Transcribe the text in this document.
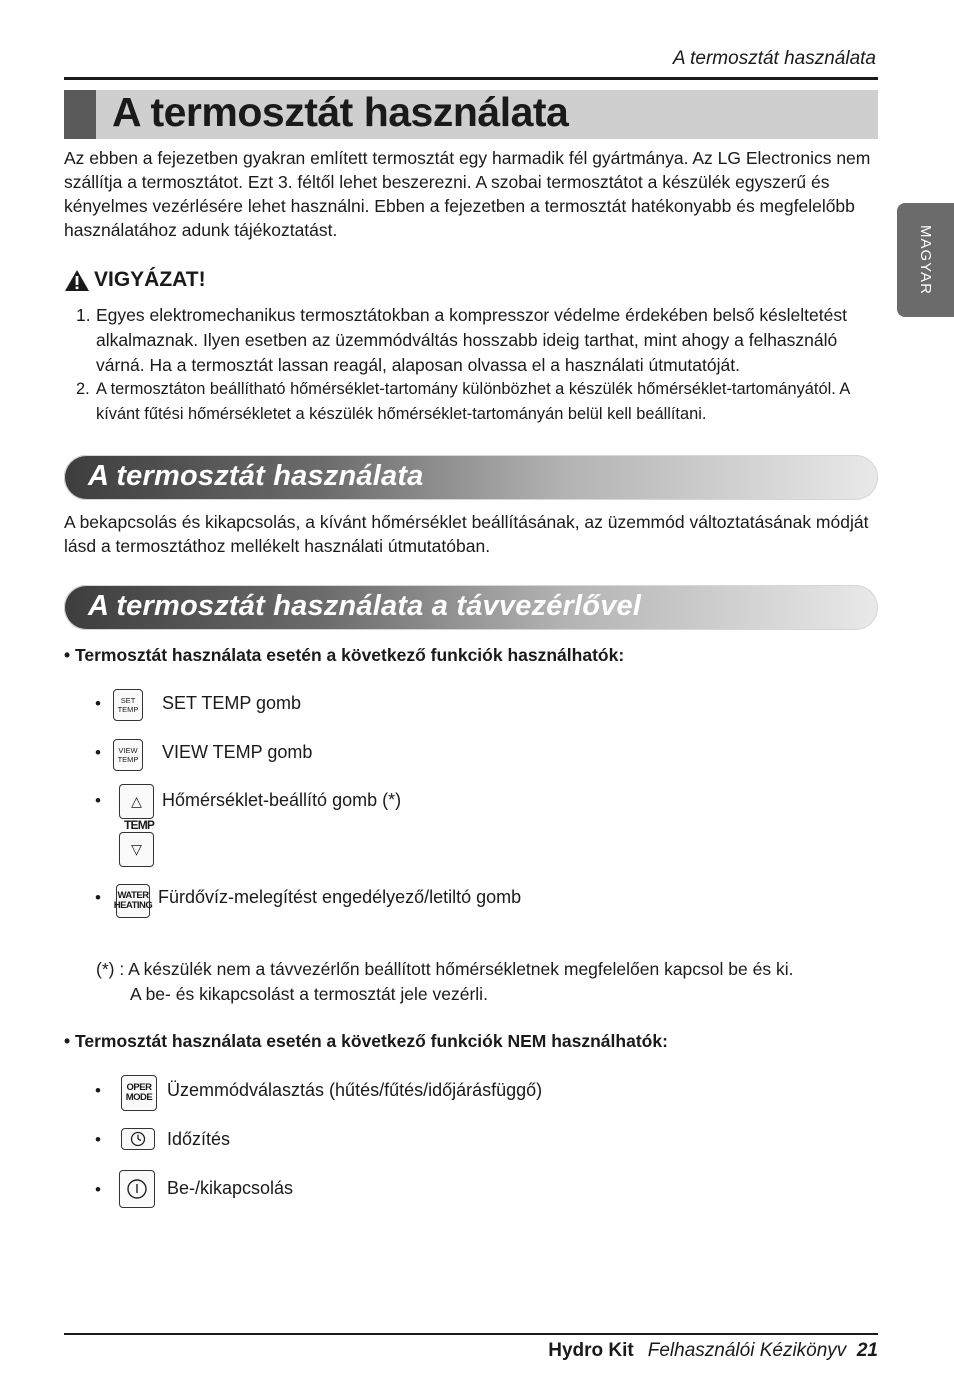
A termosztát használata
A termosztát használata
MAGYAR
Az ebben a fejezetben gyakran említett termosztát egy harmadik fél gyártmánya. Az LG Electronics nem szállítja a termosztátot. Ezt 3. féltől lehet beszerezni. A szobai termosztátot a készülék egyszerű és kényelmes vezérlésére lehet használni. Ebben a fejezetben a termosztát hatékonyabb és megfelelőbb használatához adunk tájékoztatást.
VIGYÁZAT!
1. Egyes elektromechanikus termosztátokban a kompresszor védelme érdekében belső késleltetést alkalmaznak. Ilyen esetben az üzemmódváltás hosszabb ideig tarthat, mint ahogy a felhasználó várná. Ha a termosztát lassan reagál, alaposan olvassa el a használati útmutatóját.
2. A termosztáton beállítható hőmérséklet-tartomány különbözhet a készülék hőmérséklet-tartományától. A kívánt fűtési hőmérsékletet a készülék hőmérséklet-tartományán belül kell beállítani.
A termosztát használata
A bekapcsolás és kikapcsolás, a kívánt hőmérséklet beállításának, az üzemmód változtatásának módját lásd a termosztáthoz mellékelt használati útmutatóban.
A termosztát használata a távvezérlővel
• Termosztát használata esetén a következő funkciók használhatók:
•	SET
TEMP SET TEMP gomb
• VIEW
TEMP VIEW TEMP gomb
•	△
TEMP
▽
Hőmérséklet-beállító gomb (*)
•	WATER
HEATING Fürdővíz-melegítést engedélyező/letiltó gomb
(*) : A készülék nem a távvezérlőn beállított hőmérsékletnek megfelelően kapcsol be és ki.
A be- és kikapcsolást a termosztát jele vezérli.
• Termosztát használata esetén a következő funkciók NEM használhatók:
•	OPER
MODE Üzemmódválasztás (hűtés/fűtés/időjárásfüggő)
•	Időzítés
•	Be-/kikapcsolás
Hydro Kit Felhasználói Kézikönyv 21
